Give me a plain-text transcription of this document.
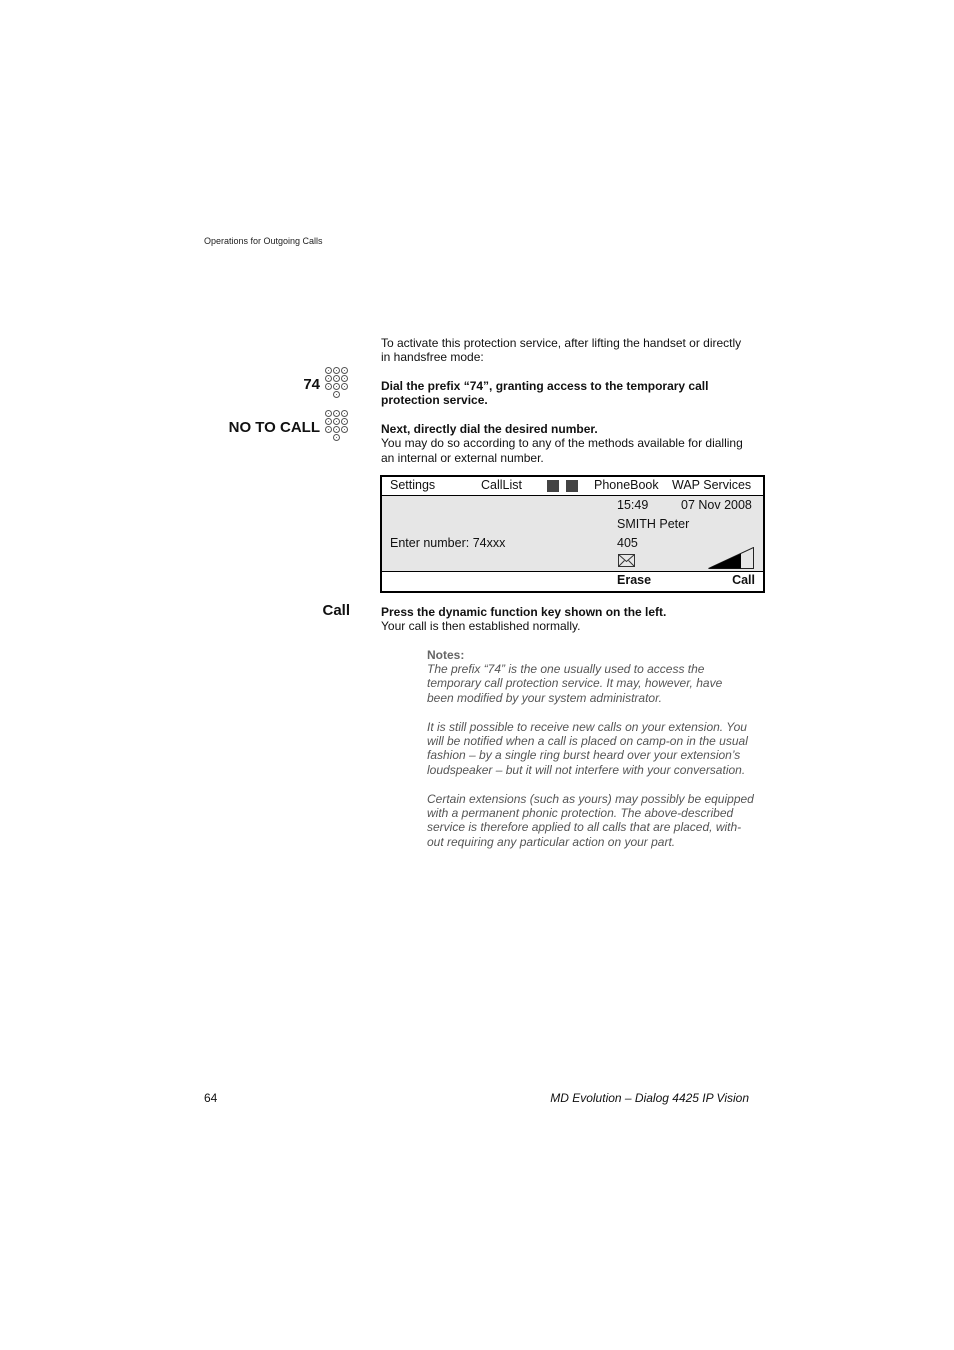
Operations for Outgoing Calls
To activate this protection service, after lifting the handset or directly
in handsfree mode:
74	Dial the prefix “74”, granting access to the temporary call
protection service.
NO TO CALL	Next, directly dial the desired number.
You may do so according to any of the methods available for dialling
an internal or external number.
Settings	CallList	PhoneBook WAP Services
15:49	07 Nov 2008
SMITH Peter
405
Enter number: 74xxx
Erase	Call
Call	Press the dynamic function key shown on the left.
Your call is then established normally.
Notes:
The prefix “74” is the one usually used to access the
temporary call protection service. It may, however, have
been modified by your system administrator.
It is still possible to receive new calls on your extension. You
will be notified when a call is placed on camp-on in the usual
fashion – by a single ring burst heard over your extension’s
loudspeaker – but it will not interfere with your conversation.
Certain extensions (such as yours) may possibly be equipped
with a permanent phonic protection. The above-described
service is therefore applied to all calls that are placed, with-
out requiring any particular action on your part.
64	MD Evolution – Dialog 4425 IP Vision
